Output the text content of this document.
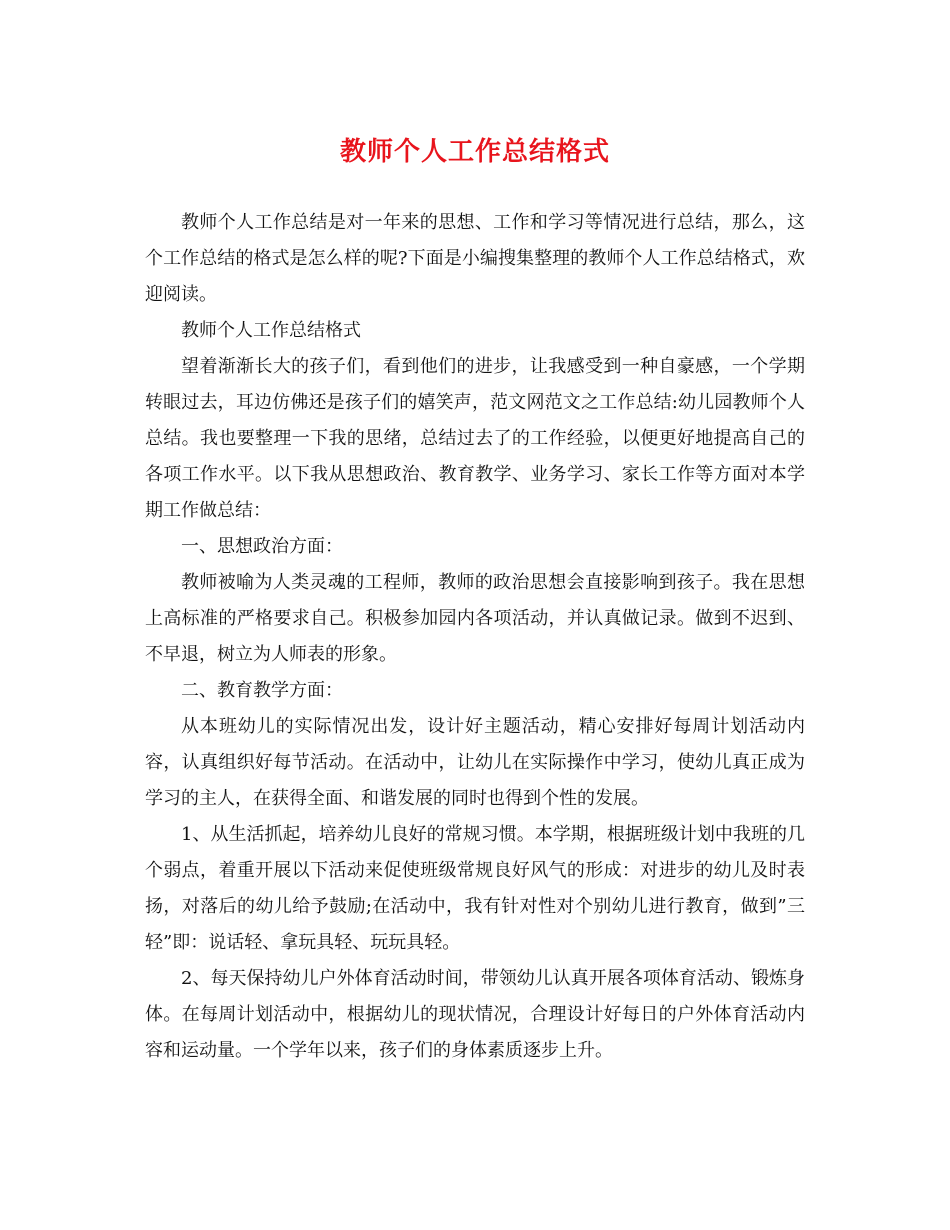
教师个人工作总结格式

教师个人工作总结是对一年来的思想、工作和学习等情况进行总结，那么，这个工作总结的格式是怎么样的呢?下面是小编搜集整理的教师个人工作总结格式，欢迎阅读。

教师个人工作总结格式

望着渐渐长大的孩子们，看到他们的进步，让我感受到一种自豪感，一个学期转眼过去，耳边仿佛还是孩子们的嬉笑声，范文网范文之工作总结:幼儿园教师个人总结。我也要整理一下我的思绪，总结过去了的工作经验，以便更好地提高自己的各项工作水平。以下我从思想政治、教育教学、业务学习、家长工作等方面对本学期工作做总结：

一、思想政治方面：

教师被喻为人类灵魂的工程师，教师的政治思想会直接影响到孩子。我在思想上高标准的严格要求自己。积极参加园内各项活动，并认真做记录。做到不迟到、不早退，树立为人师表的形象。

二、教育教学方面：

从本班幼儿的实际情况出发，设计好主题活动，精心安排好每周计划活动内容，认真组织好每节活动。在活动中，让幼儿在实际操作中学习，使幼儿真正成为学习的主人，在获得全面、和谐发展的同时也得到个性的发展。

1、从生活抓起，培养幼儿良好的常规习惯。本学期，根据班级计划中我班的几个弱点，着重开展以下活动来促使班级常规良好风气的形成：对进步的幼儿及时表扬，对落后的幼儿给予鼓励;在活动中，我有针对性对个别幼儿进行教育，做到”三轻”即：说话轻、拿玩具轻、玩玩具轻。

2、每天保持幼儿户外体育活动时间，带领幼儿认真开展各项体育活动、锻炼身体。在每周计划活动中，根据幼儿的现状情况，合理设计好每日的户外体育活动内容和运动量。一个学年以来，孩子们的身体素质逐步上升。
